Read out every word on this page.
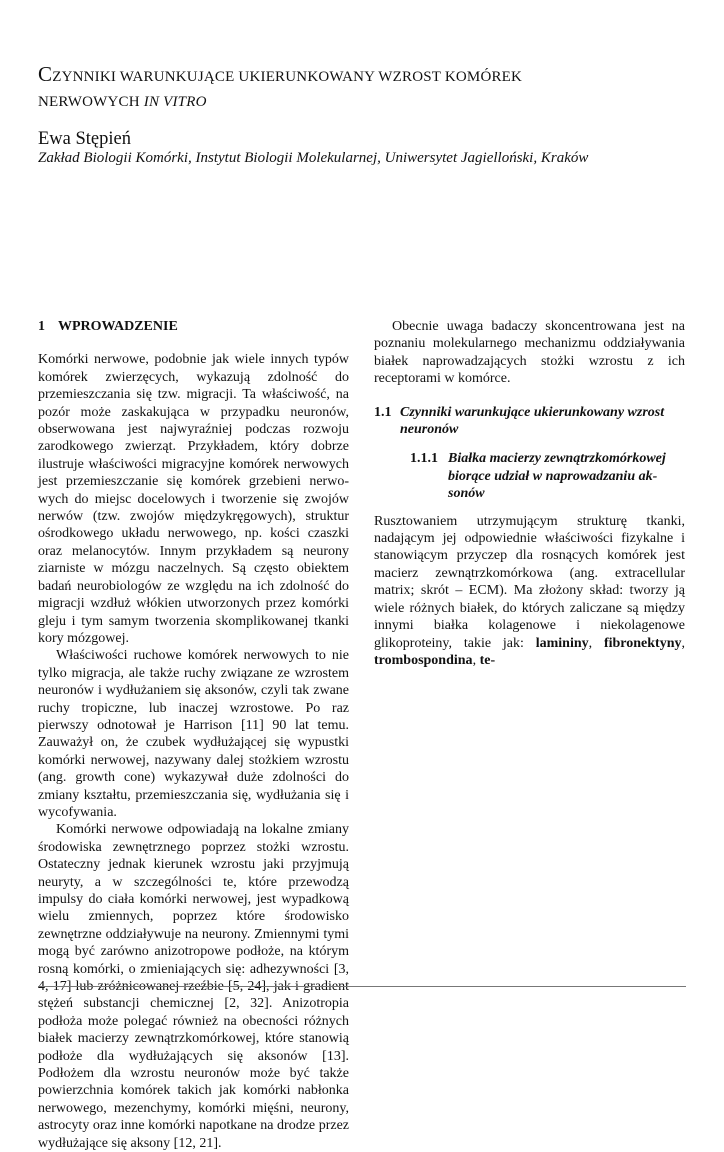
CZYNNIKI WARUNKUJĄCE UKIERUNKOWANY WZROST KOMÓREK
NERWOWYCH IN VITRO
Ewa Stępień

Zakład Biologii Komórki, Instytut Biologii Molekularnej, Uniwersytet Jagielloński, Kraków

1 WPROWADZENIE

Komórki nerwowe, podobnie jak wiele innych typów komórek zwierzęcych, wykazują zdolność do przemieszczania się tzw. migracji. Ta właściwość, na pozór może zaskakująca w przypadku neuronów, obserwowana jest najwyraźniej podczas rozwoju zarodkowego zwierząt. Przykładem, który dobrze ilustruje właściwości migracyjne komórek nerwowych jest przemieszczanie się komórek grzebieni nerwowych do miejsc docelowych i tworzenie się zwojów nerwów (tzw. zwojów międzykręgowych), struktur ośrodkowego układu nerwowego, np. kości czaszki oraz melanocytów. Innym przykładem są neurony ziarniste w mózgu naczelnych. Są często obiektem badań neurobiologów ze względu na ich zdolność do migracji wzdłuż włókien utworzonych przez komórki gleju i tym samym tworzenia skomplikowanej tkanki kory mózgowej.

Właściwości ruchowe komórek nerwowych to nie tylko migracja, ale także ruchy związane ze wzrostem neuronów i wydłużaniem się aksonów, czyli tak zwane ruchy tropiczne, lub inaczej wzrostowe. Po raz pierwszy odnotował je Harrison [11] 90 lat temu. Zauważył on, że czubek wydłużającej się wypustki komórki nerwowej, nazywany dalej stożkiem wzrostu (ang. growth cone) wykazywał duże zdolności do zmiany kształtu, przemieszczania się, wydłużania się i wycofywania.

Komórki nerwowe odpowiadają na lokalne zmiany środowiska zewnętrznego poprzez stożki wzrostu. Ostateczny jednak kierunek wzrostu jaki przyjmują neuryty, a w szczególności te, które przewodzą impulsy do ciała komórki nerwowej, jest wypadkową wielu zmiennych, poprzez które środowisko zewnętrzne oddziaływuje na neurony. Zmiennymi tymi mogą być zarówno anizotropowe podłoże, na którym rosną komórki, o zmieniających się: adhezywności [3, 4, 17] lub zróżnicowanej rzeźbie [5, 24], jak i gradient stężeń substancji chemicznej [2, 32]. Anizotropia podłoża może polegać również na obecności różnych białek macierzy zewnątrzkomórkowej, które stanowią podłoże dla wydłużających się aksonów [13]. Podłożem dla wzrostu neuronów może być także powierzchnia komórek takich jak komórki nabłonka nerwowego, mezenchymy, komórki mięśni, neurony, astrocyty oraz inne komórki napotkane na drodze przez wydłużające się aksony [12, 21].

Obecnie uwaga badaczy skoncentrowana jest na poznaniu molekularnego mechanizmu oddziaływania białek naprowadzających stożki wzrostu z ich receptorami w komórce.

1.1 Czynniki warunkujące ukierunkowany wzrost neuronów
1.1.1 Białka macierzy zewnątrzkomórkowej biorące udział w naprowadzaniu aksonów

Rusztowaniem utrzymującym strukturę tkanki, nadającym jej odpowiednie właściwości fizykalne i stanowiącym przyczep dla rosnących komórek jest macierz zewnątrzkomórkowa (ang. extracellular matrix; skrót – ECM). Ma złożony skład: tworzy ją wiele różnych białek, do których zaliczane są między innymi białka kolagenowe i niekolagenowe glikoproteiny, takie jak: lamininy, fibronektyny, trombospondina, te-
